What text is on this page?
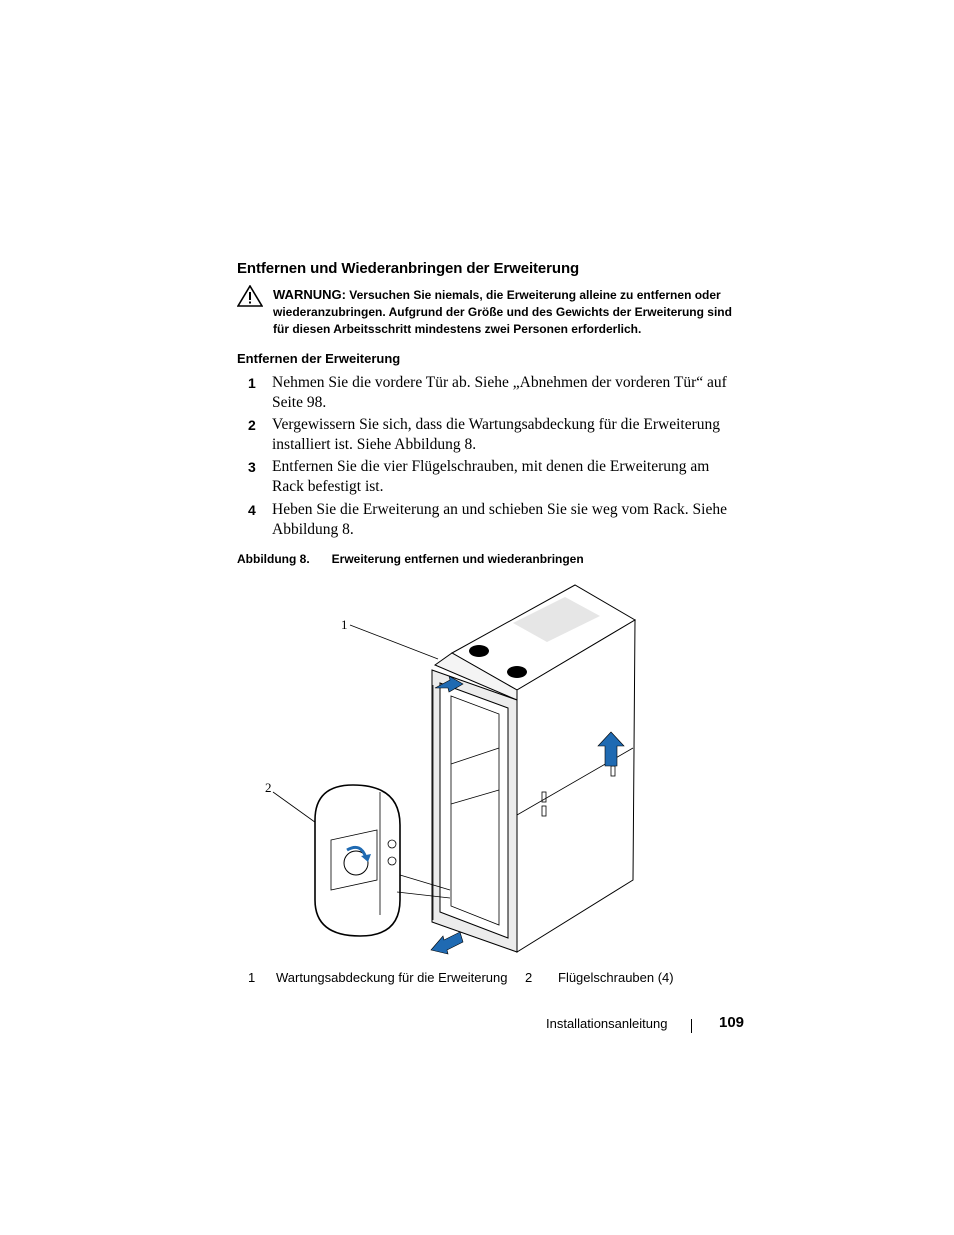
Entfernen und Wiederanbringen der Erweiterung
WARNUNG: Versuchen Sie niemals, die Erweiterung alleine zu entfernen oder wiederanzubringen. Aufgrund der Größe und des Gewichts der Erweiterung sind für diesen Arbeitsschritt mindestens zwei Personen erforderlich.
Entfernen der Erweiterung
1 Nehmen Sie die vordere Tür ab. Siehe „Abnehmen der vorderen Tür“ auf Seite 98.
2 Vergewissern Sie sich, dass die Wartungsabdeckung für die Erweiterung installiert ist. Siehe Abbildung 8.
3 Entfernen Sie die vier Flügelschrauben, mit denen die Erweiterung am Rack befestigt ist.
4 Heben Sie die Erweiterung an und schieben Sie sie weg vom Rack. Siehe Abbildung 8.
Abbildung 8. Erweiterung entfernen und wiederanbringen
1
2
1 Wartungsabdeckung für die Erweiterung 2 Flügelschrauben (4)
Installationsanleitung	109
